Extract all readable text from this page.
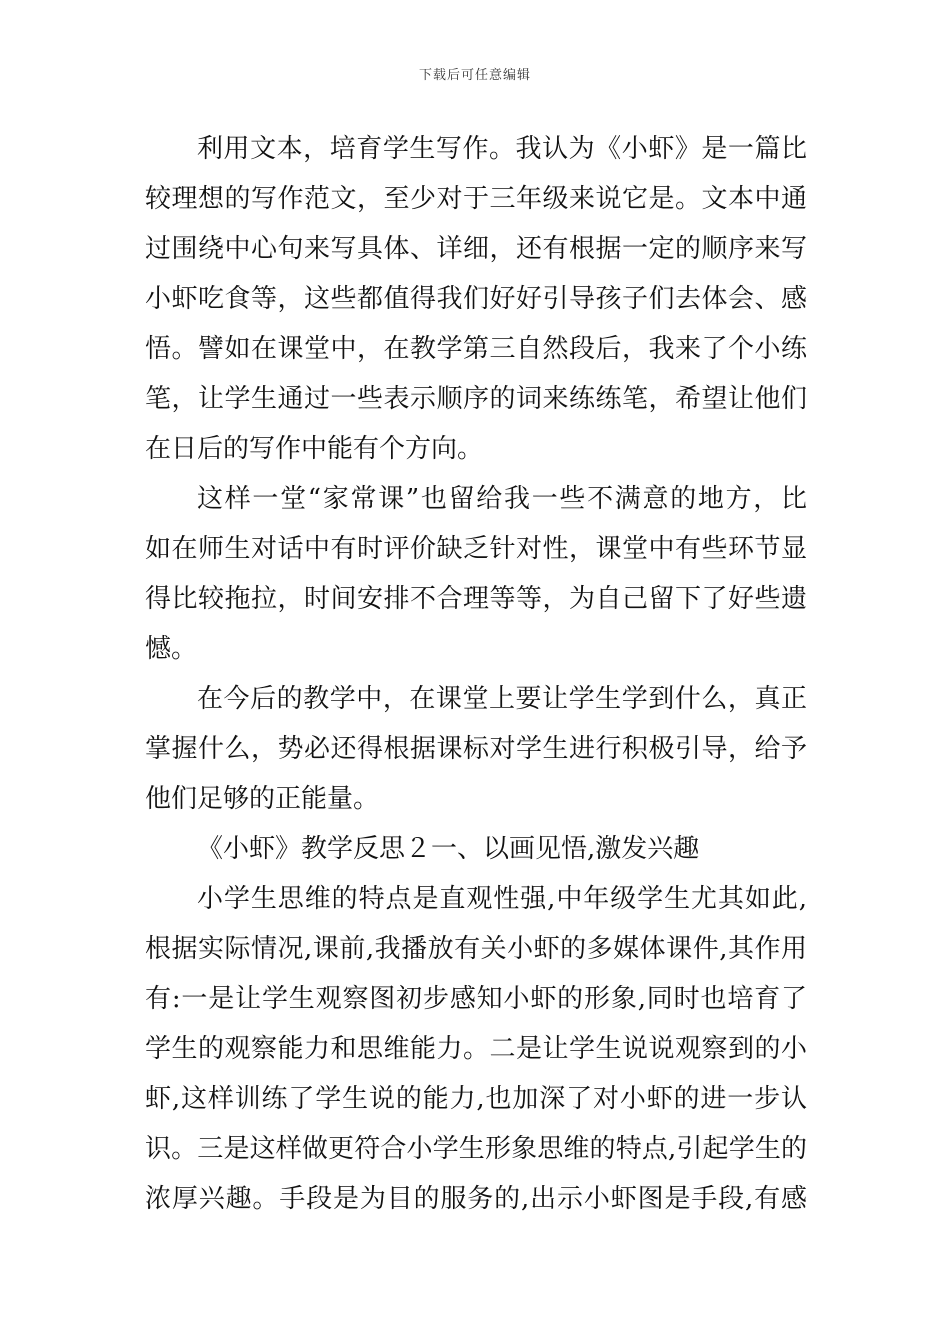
下载后可任意编辑
利用文本，培育学生写作。我认为《小虾》是一篇比
较理想的写作范文，至少对于三年级来说它是。文本中通
过围绕中心句来写具体、详细，还有根据一定的顺序来写
小虾吃食等，这些都值得我们好好引导孩子们去体会、感
悟。譬如在课堂中，在教学第三自然段后，我来了个小练
笔，让学生通过一些表示顺序的词来练练笔，希望让他们
在日后的写作中能有个方向。
这样一堂“家常课”也留给我一些不满意的地方，比
如在师生对话中有时评价缺乏针对性，课堂中有些环节显
得比较拖拉，时间安排不合理等等，为自己留下了好些遗
憾。
在今后的教学中，在课堂上要让学生学到什么，真正
掌握什么，势必还得根据课标对学生进行积极引导，给予
他们足够的正能量。
《小虾》教学反思２一、以画见悟,激发兴趣
小学生思维的特点是直观性强,中年级学生尤其如此,
根据实际情况,课前,我播放有关小虾的多媒体课件,其作用
有:一是让学生观察图初步感知小虾的形象,同时也培育了
学生的观察能力和思维能力。二是让学生说说观察到的小
虾,这样训练了学生说的能力,也加深了对小虾的进一步认
识。三是这样做更符合小学生形象思维的特点,引起学生的
浓厚兴趣。手段是为目的服务的,出示小虾图是手段,有感
